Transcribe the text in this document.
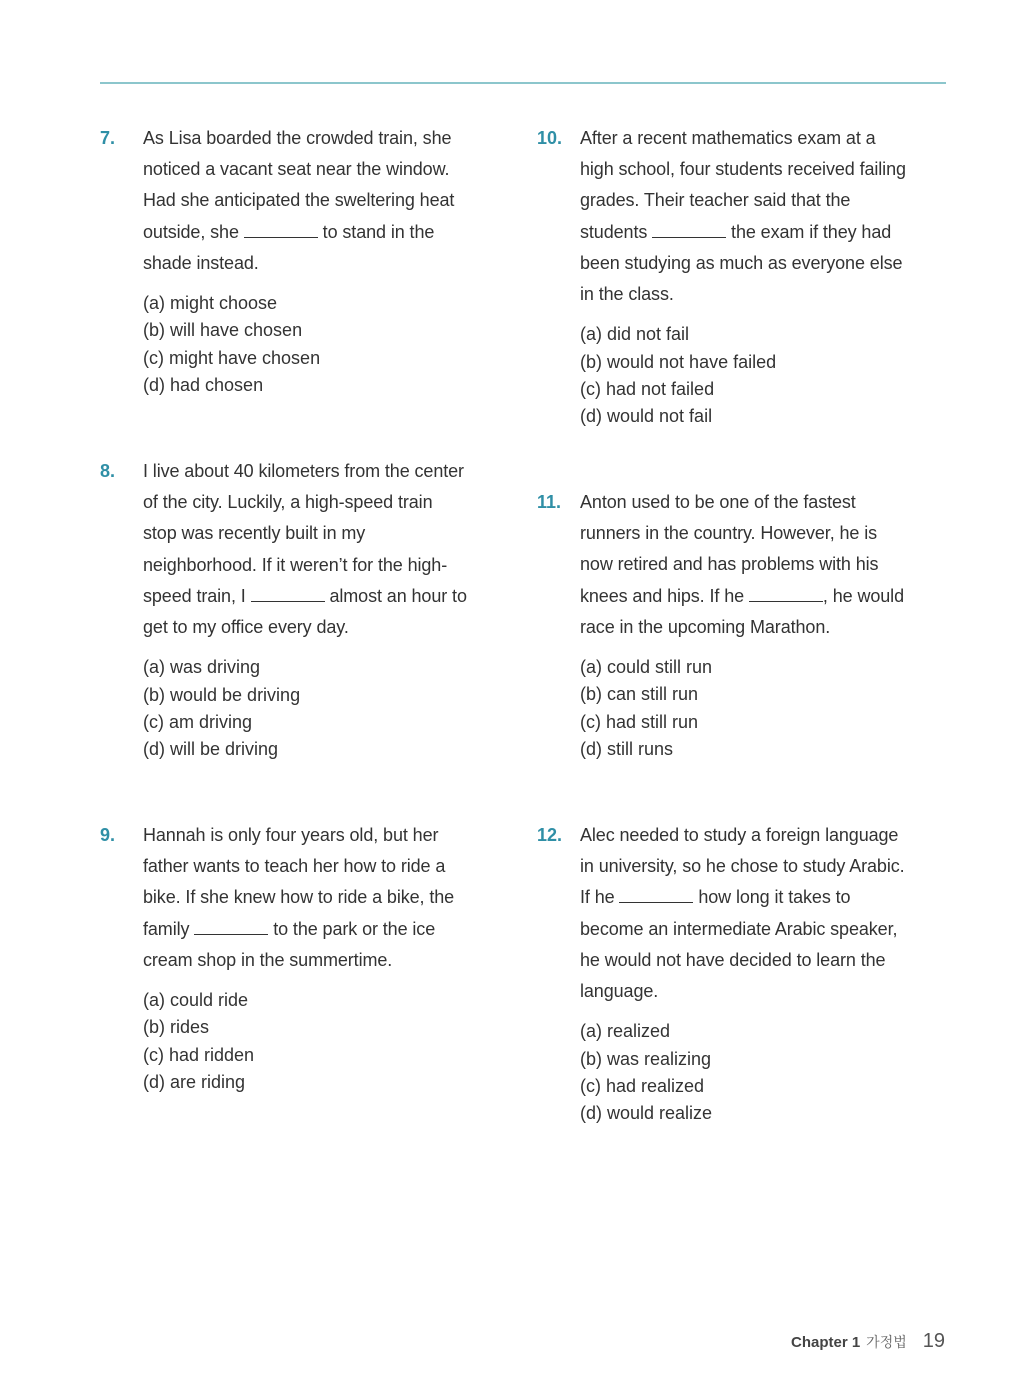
7. As Lisa boarded the crowded train, she noticed a vacant seat near the window. Had she anticipated the sweltering heat outside, she	to stand in the shade instead.

(a) might choose
(b) will have chosen
(c) might have chosen
(d) had chosen
8. I live about 40 kilometers from the center of the city. Luckily, a high-speed train stop was recently built in my neighborhood. If it weren’t for the high-speed train, I	almost an hour to get to my office every day.

(a) was driving
(b) would be driving
(c) am driving
(d) will be driving
9. Hannah is only four years old, but her father wants to teach her how to ride a bike. If she knew how to ride a bike, the family	to the park or the ice cream shop in the summertime.

(a) could ride
(b) rides
(c) had ridden
(d) are riding
10. After a recent mathematics exam at a high school, four students received failing grades. Their teacher said that the students	the exam if they had been studying as much as everyone else in the class.

(a) did not fail
(b) would not have failed
(c) had not failed
(d) would not fail
11. Anton used to be one of the fastest runners in the country. However, he is now retired and has problems with his knees and hips. If he	, he would race in the upcoming Marathon.

(a) could still run
(b) can still run
(c) had still run
(d) still runs
12. Alec needed to study a foreign language in university, so he chose to study Arabic. If he	how long it takes to become an intermediate Arabic speaker, he would not have decided to learn the language.

(a) realized
(b) was realizing
(c) had realized
(d) would realize
Chapter 1 가정법 19
